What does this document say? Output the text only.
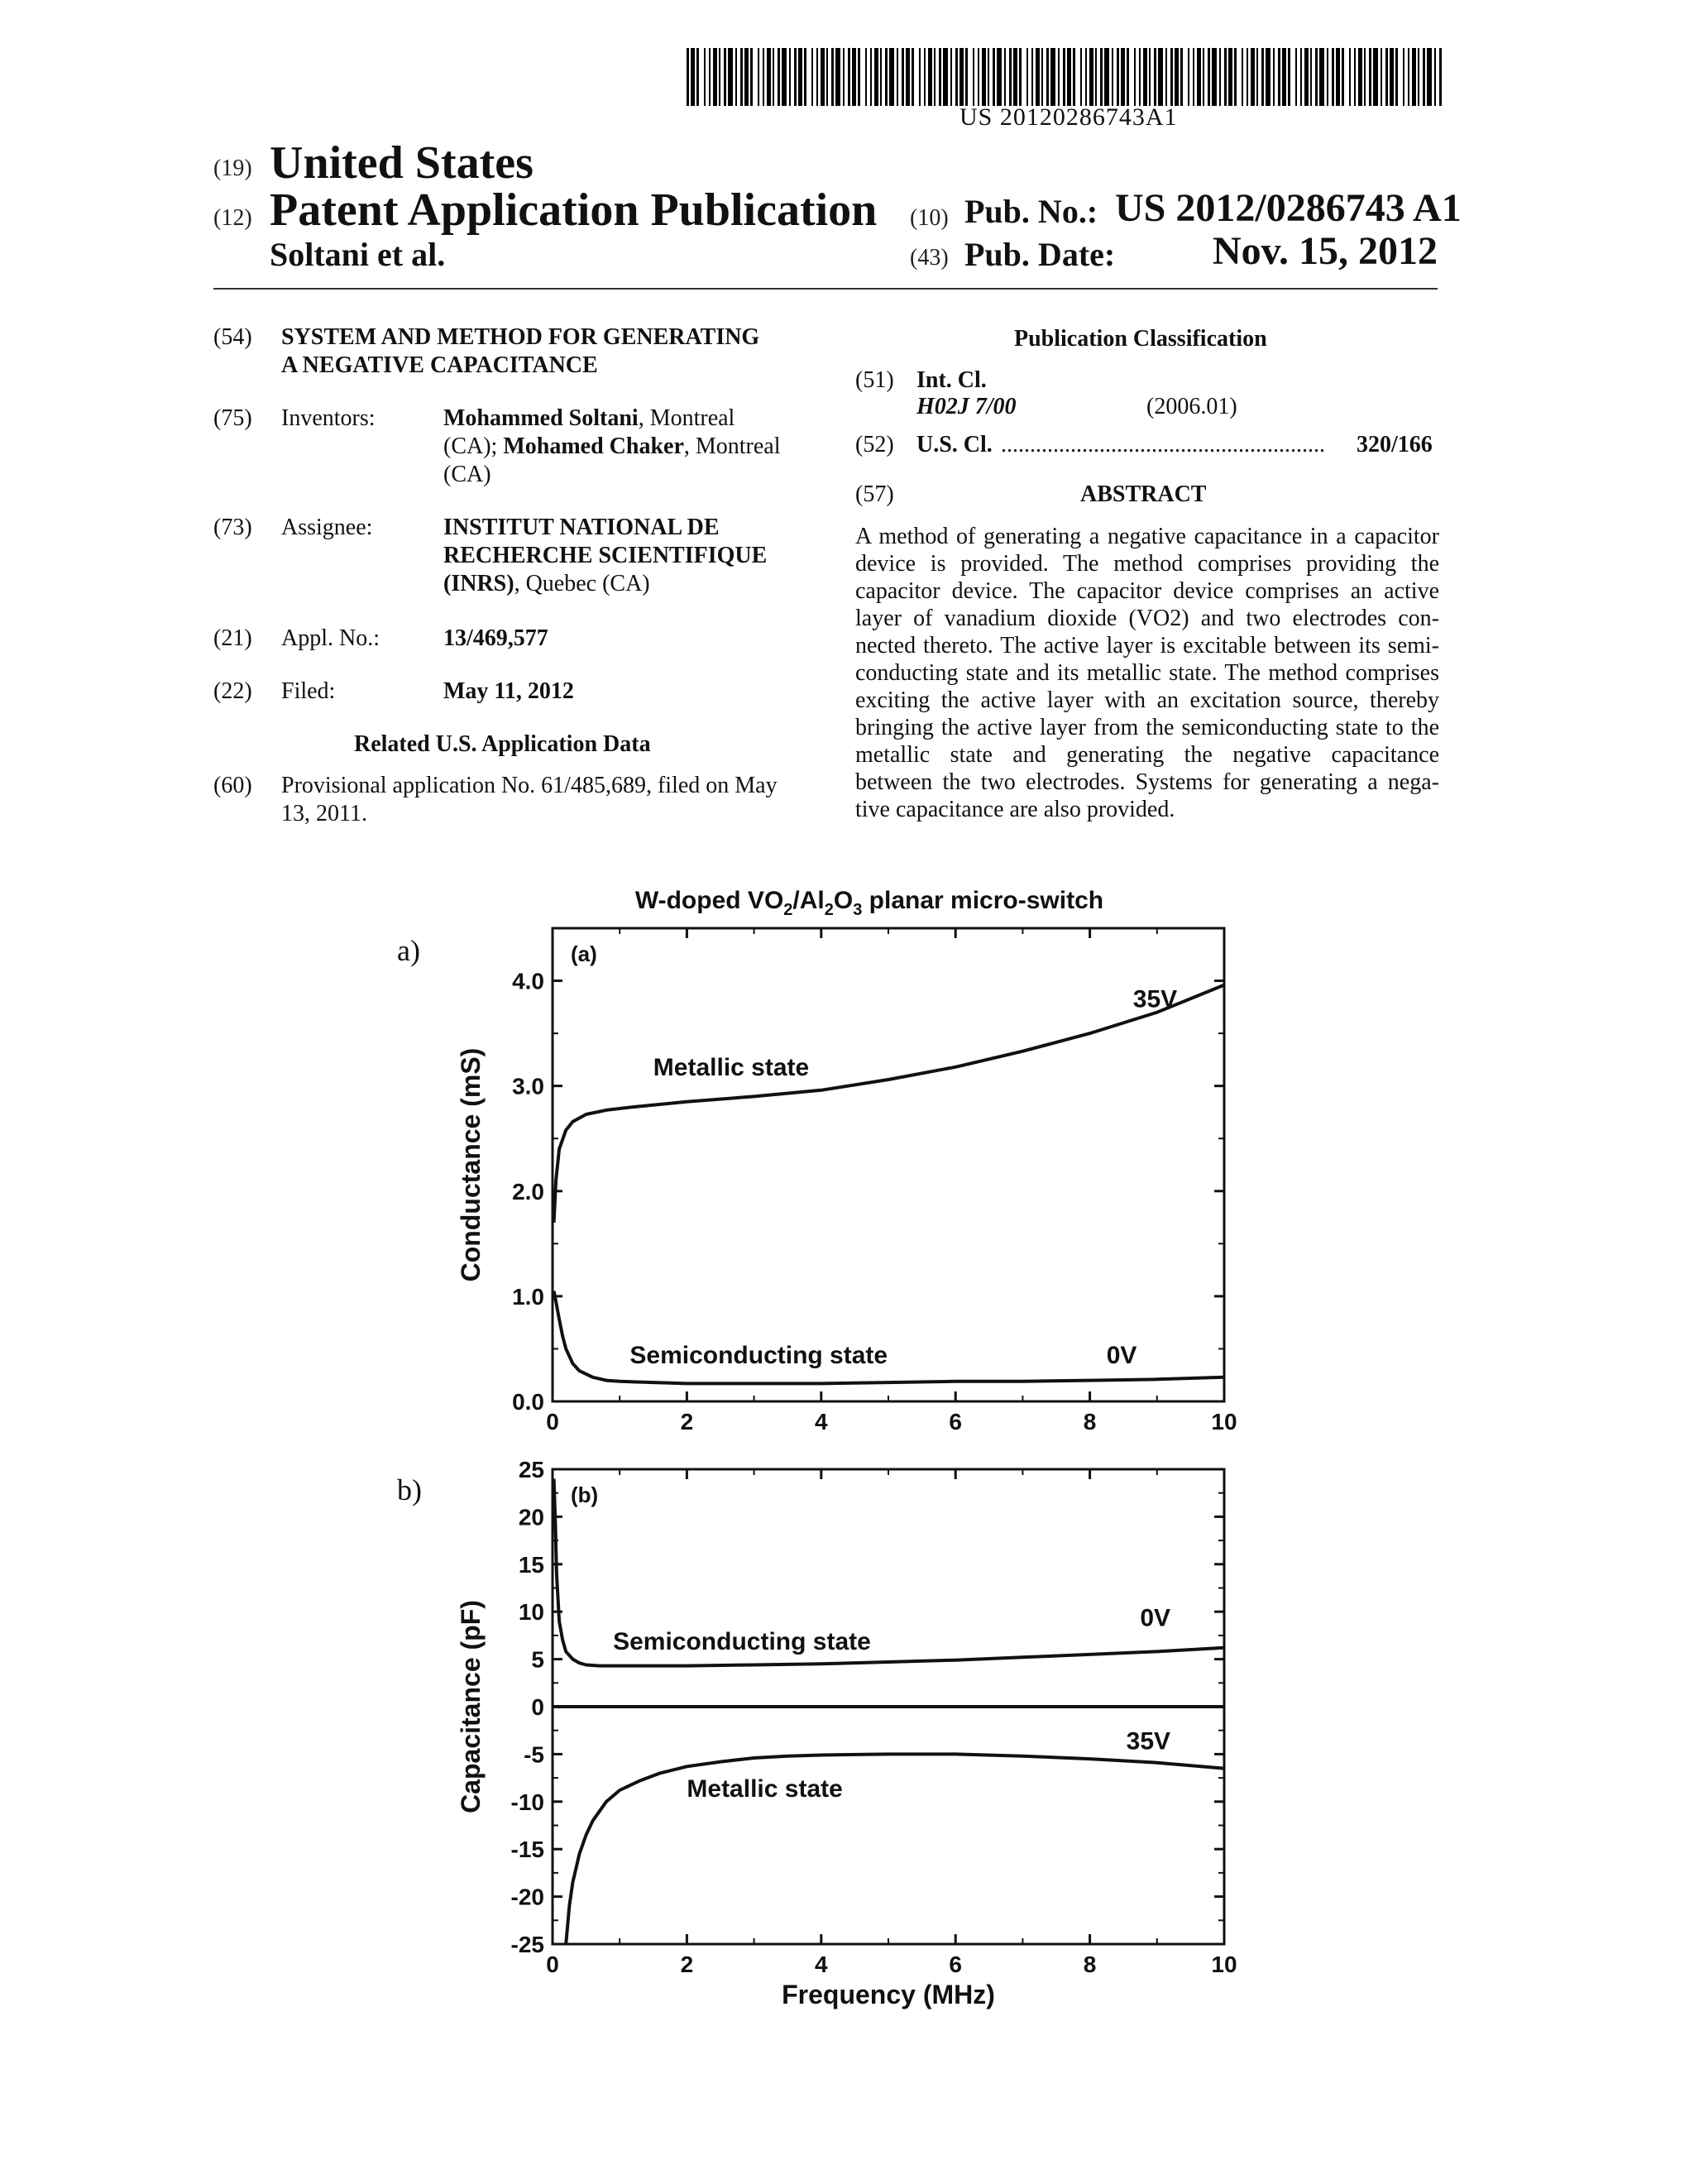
US 20120286743A1
(19) United States
(12) Patent Application Publication
Soltani et al.
(10) Pub. No.: US 2012/0286743 A1
(43) Pub. Date: Nov. 15, 2012
(54) SYSTEM AND METHOD FOR GENERATING
A NEGATIVE CAPACITANCE
(75) Inventors:	Mohammed Soltani, Montreal
(CA); Mohamed Chaker, Montreal
(CA)
(73) Assignee:	INSTITUT NATIONAL DE
RECHERCHE SCIENTIFIQUE
(INRS), Quebec (CA)
(21) Appl. No.:	13/469,577
(22) Filed:	May 11, 2012
Related U.S. Application Data
(60) Provisional application No. 61/485,689, filed on May
13, 2011.
Publication Classification
(51) Int. Cl.
H02J 7/00	(2006.01)
(52) U.S. Cl. ........................................................	320/166
(57)	ABSTRACT
A method of generating a negative capacitance in a capacitor
device is provided. The method comprises providing the
capacitor device. The capacitor device comprises an active
layer of vanadium dioxide (VO2) and two electrodes con-
nected thereto. The active layer is excitable between its semi-
conducting state and its metallic state. The method comprises
exciting the active layer with an excitation source, thereby
bringing the active layer from the semiconducting state to the
metallic state and generating the negative capacitance
between the two electrodes. Systems for generating a nega-
tive capacitance are also provided.
a)
b)
W-doped $VO_2/Al_2O_3$ planar micro-switch
0	2	4	6	8	10
0.0
1.0
2.0
3.0
4.0
Conductance (mS)
(a)
Metallic state
35V
Semiconducting state	0V
0	2	4	6	8	10
25
20
15
10
5
0
-5
-10
-15
-20
-25
Capacitance (pF)
Frequency (MHz)
(b)
Semiconducting state
0V
35V
Metallic state
